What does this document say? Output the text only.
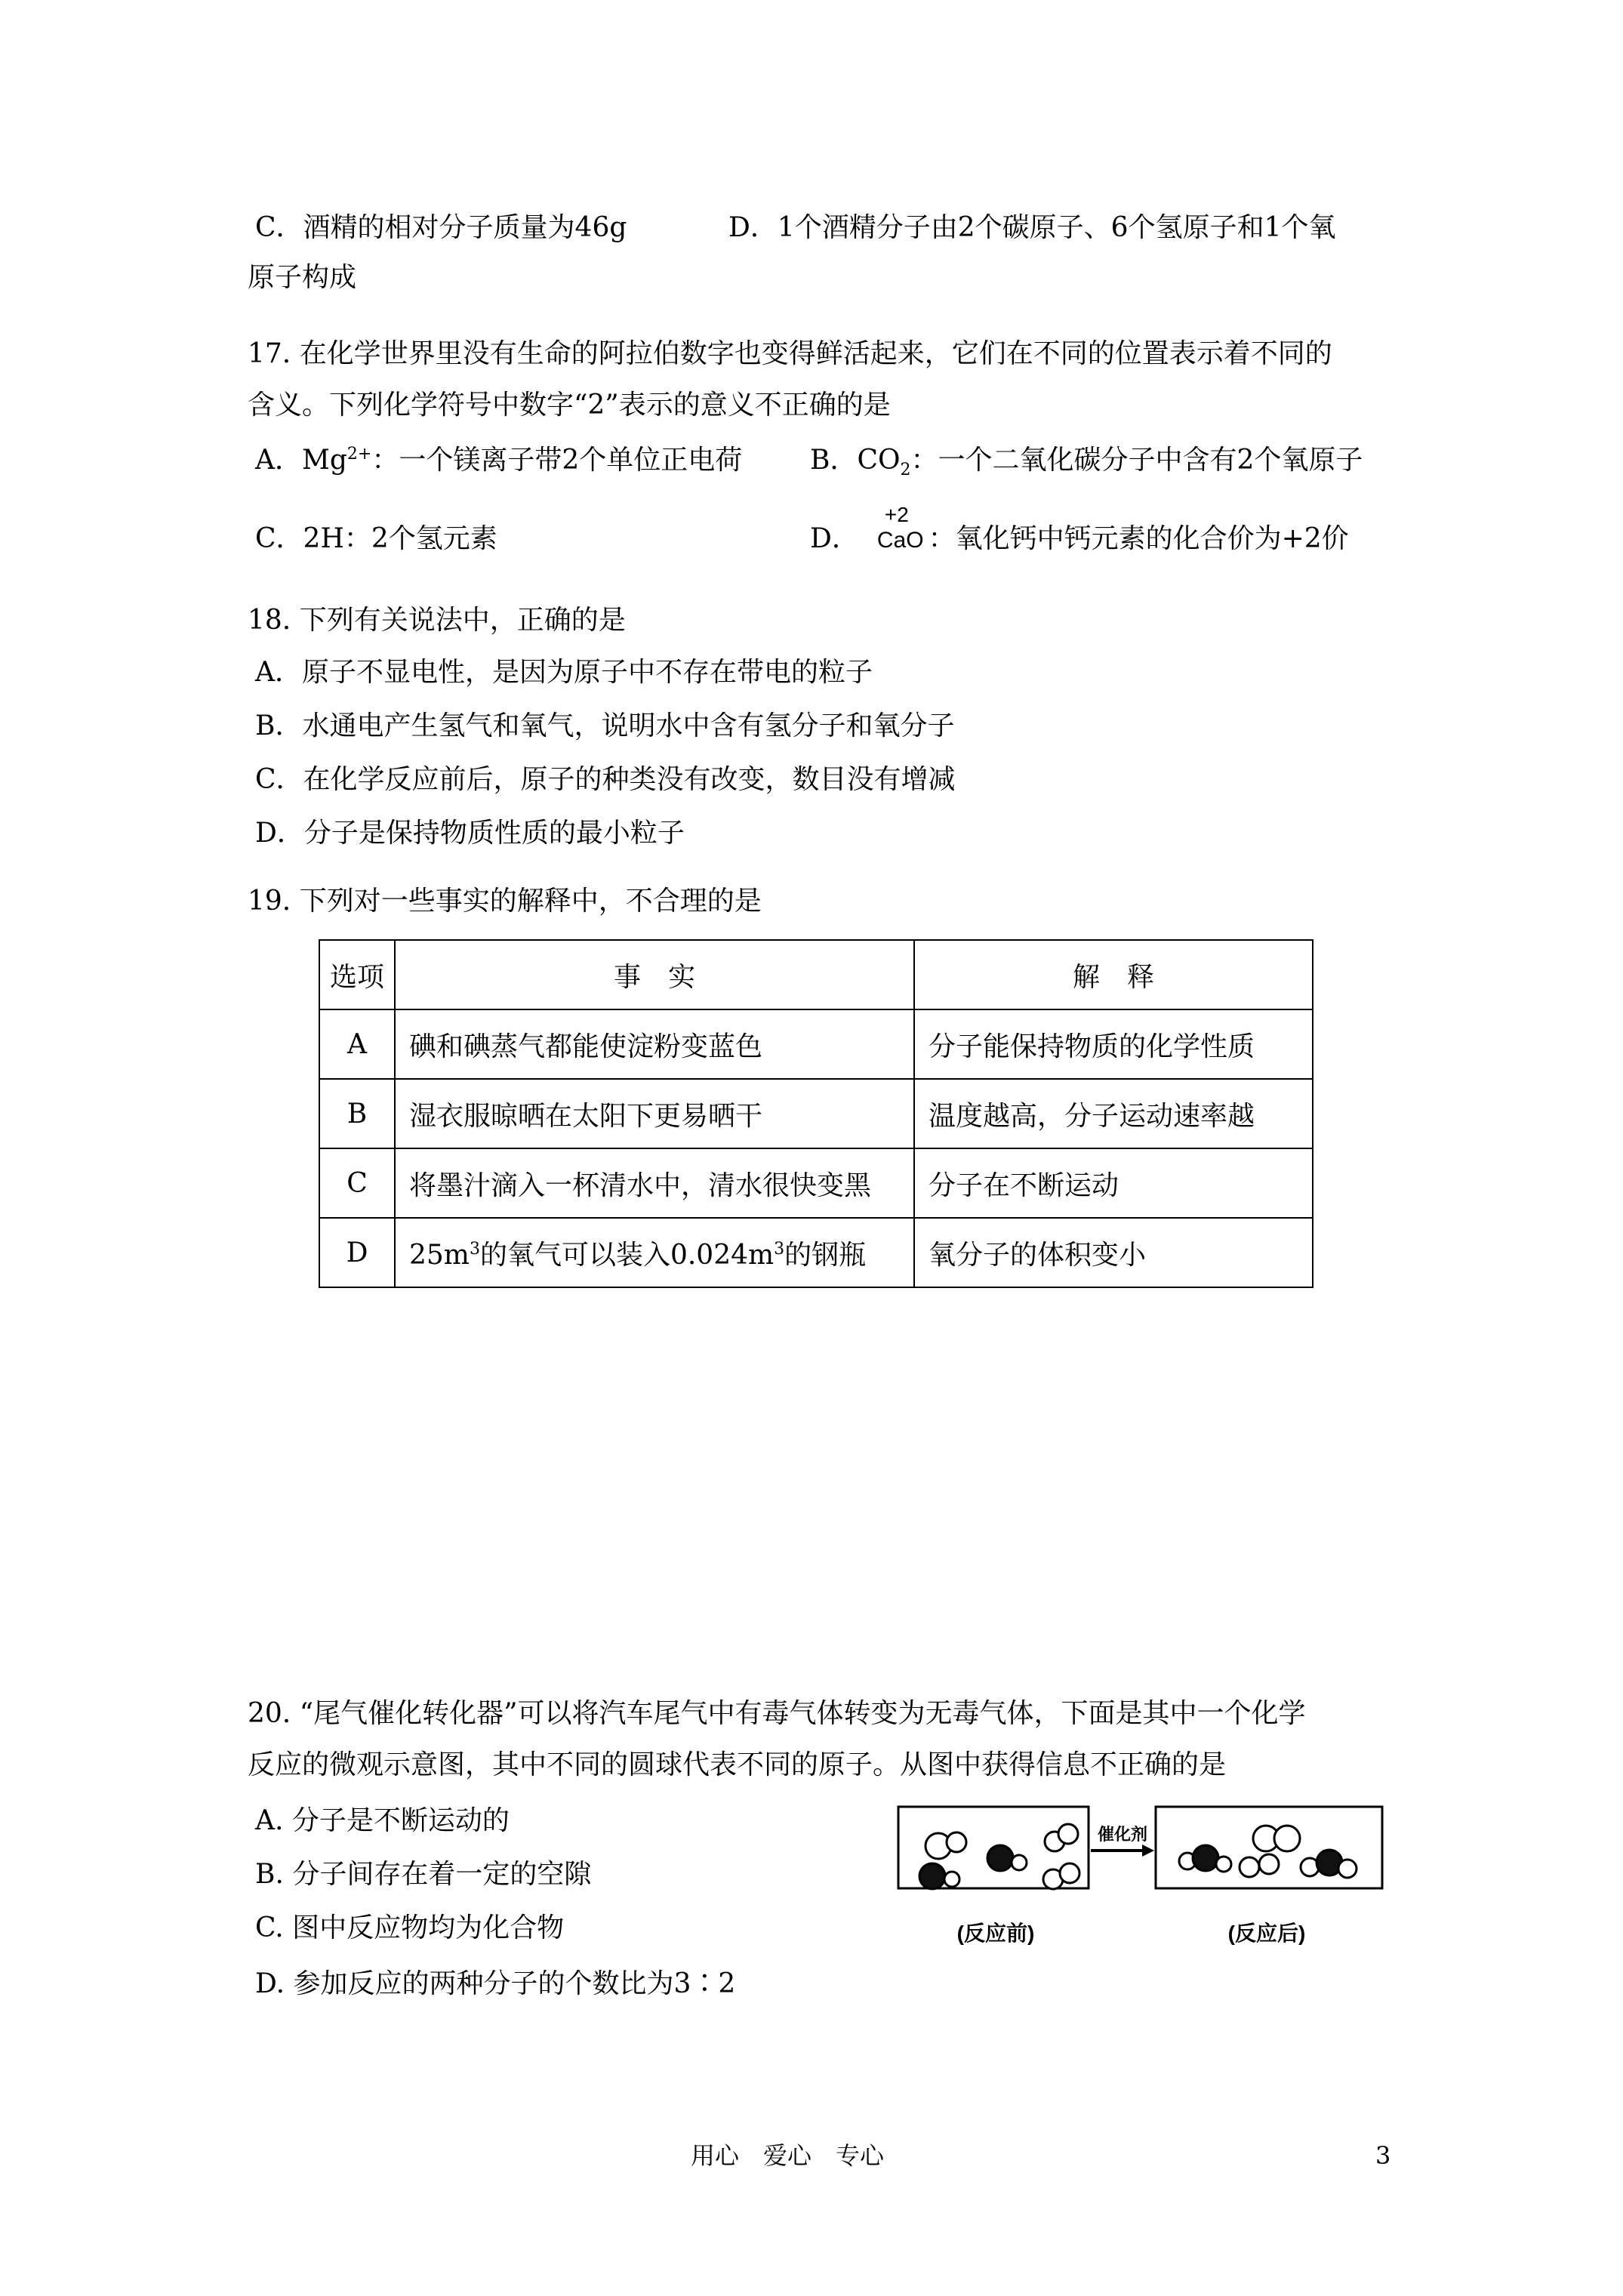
C．酒精的相对分子质量为46g	D．1个酒精分子由2个碳原子、6个氢原子和1个氧
原子构成
17. 在化学世界里没有生命的阿拉伯数字也变得鲜活起来，它们在不同的位置表示着不同的
含义。下列化学符号中数字“2”表示的意义不正确的是
A．$Mg^{2+}$：一个镁离子带2个单位正电荷 B．$CO_2$：一个二氧化碳分子中含有2个氧原子
C．2H：2个氢元素	D．
+2
CaO ：氧化钙中钙元素的化合价为+2价
18. 下列有关说法中，正确的是
A．原子不显电性，是因为原子中不存在带电的粒子
B．水通电产生氢气和氧气，说明水中含有氢分子和氧分子
C．在化学反应前后，原子的种类没有改变，数目没有增减
D．分子是保持物质性质的最小粒子
19. 下列对一些事实的解释中，不合理的是
选项	事　实	解　释
A	碘和碘蒸气都能使淀粉变蓝色	分子能保持物质的化学性质
B	湿衣服晾晒在太阳下更易晒干	温度越高，分子运动速率越
C	将墨汁滴入一杯清水中，清水很快变黑	分子在不断运动
D	$25m^3$的氧气可以装入$0.024m^3$的钢瓶	氧分子的体积变小
20. “尾气催化转化器”可以将汽车尾气中有毒气体转变为无毒气体，下面是其中一个化学
反应的微观示意图，其中不同的圆球代表不同的原子。从图中获得信息不正确的是
A. 分子是不断运动的
B. 分子间存在着一定的空隙
C. 图中反应物均为化合物
D. 参加反应的两种分子的个数比为3∶2
催化剂
(反应前)	(反应后)
用心　爱心　专心	3
